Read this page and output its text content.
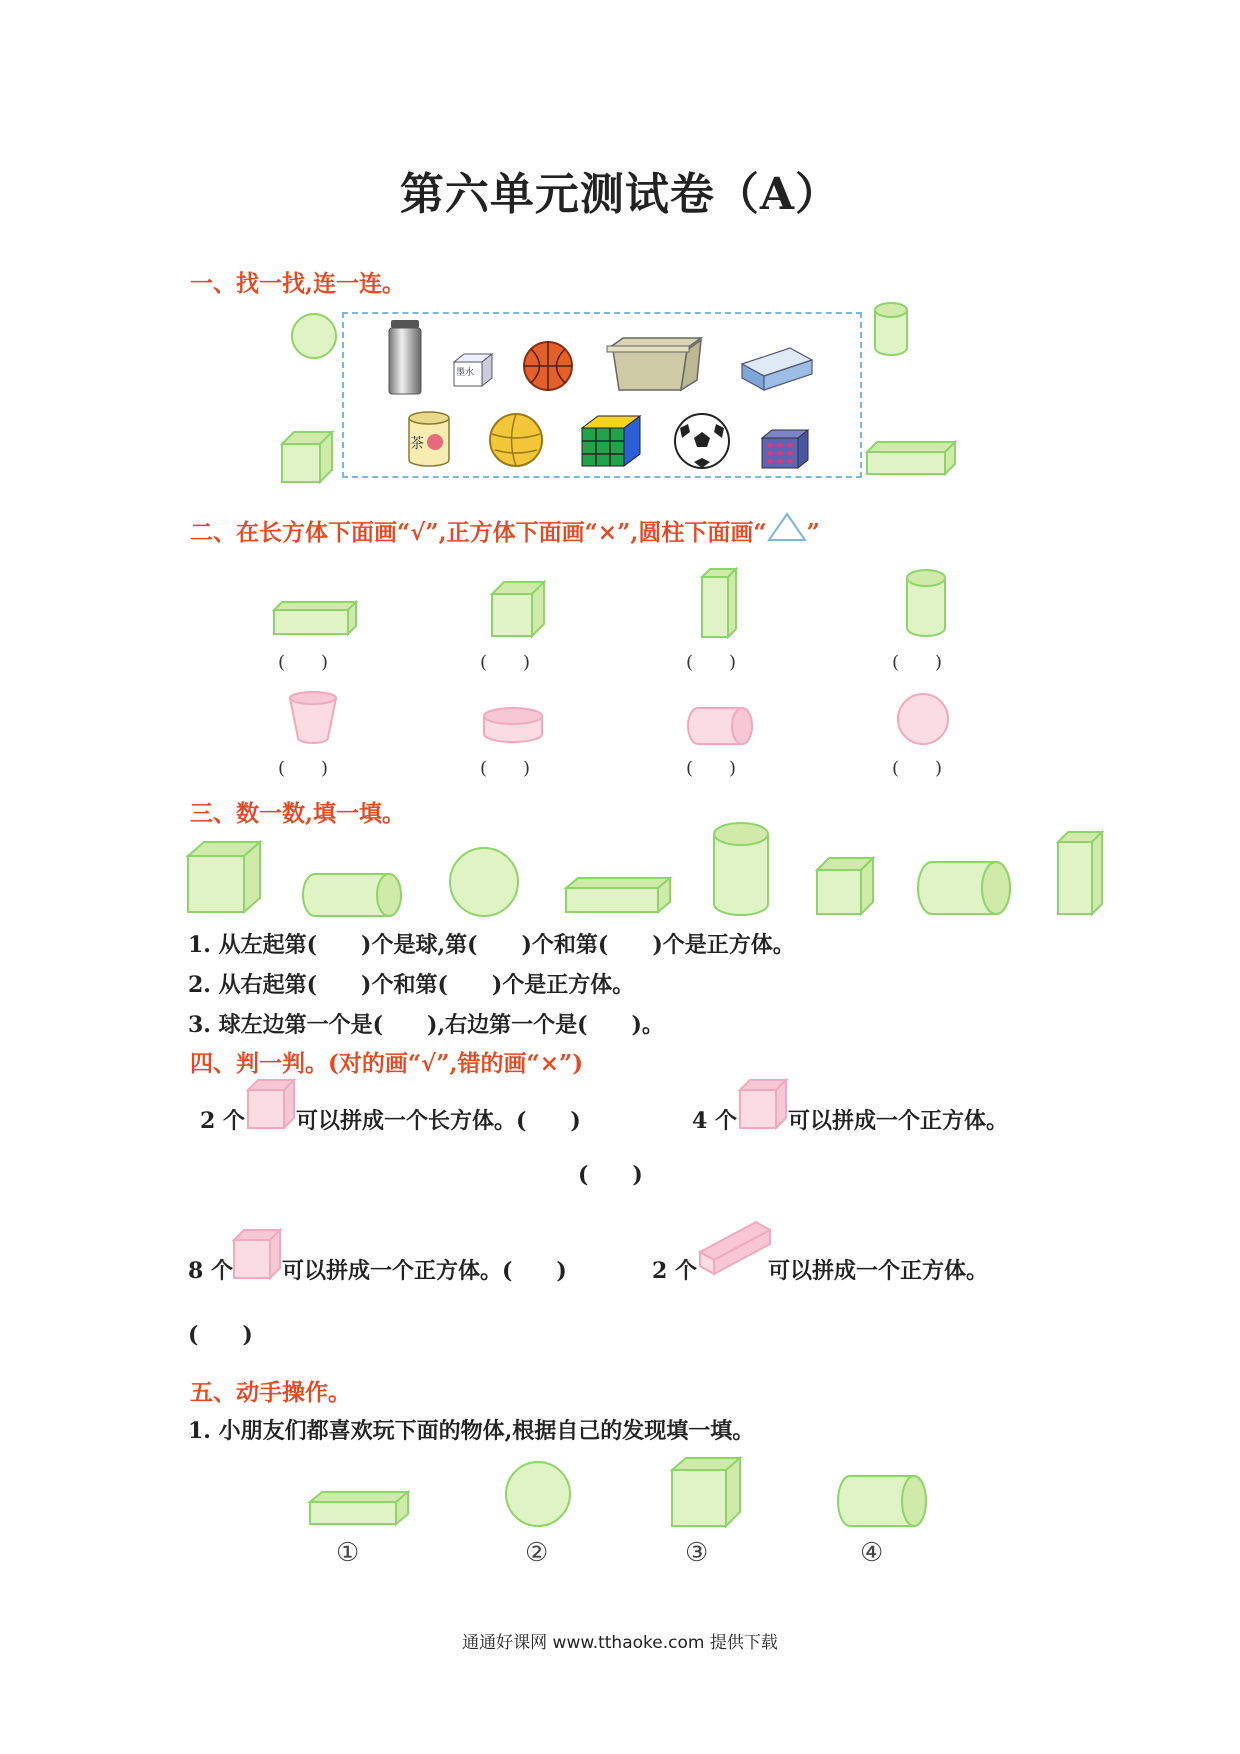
第六单元测试卷（A）
一、找一找,连一连。
墨水
茶
二、在长方体下面画“√”,正方体下面画“×”,圆柱下面画“ ”
(　　)	(　　)	(　　)	(　　)
(　　)	(　　)	(　　)	(　　)
三、数一数,填一填。
1. 从左起第(　　)个是球,第(　　)个和第(　　)个是正方体。
2. 从右起第(　　)个和第(　　)个是正方体。
3. 球左边第一个是(　　),右边第一个是(　　)。
四、判一判。(对的画“√”,错的画“×”)
2 个 可以拼成一个长方体。(　　)	4 个 可以拼成一个正方体。
(　　)
8 个 可以拼成一个正方体。(　　)	2 个	可以拼成一个正方体。
(　　)
五、动手操作。
1. 小朋友们都喜欢玩下面的物体,根据自己的发现填一填。
①	②	③	④
通通好课网 www.tthaoke.com 提供下载
